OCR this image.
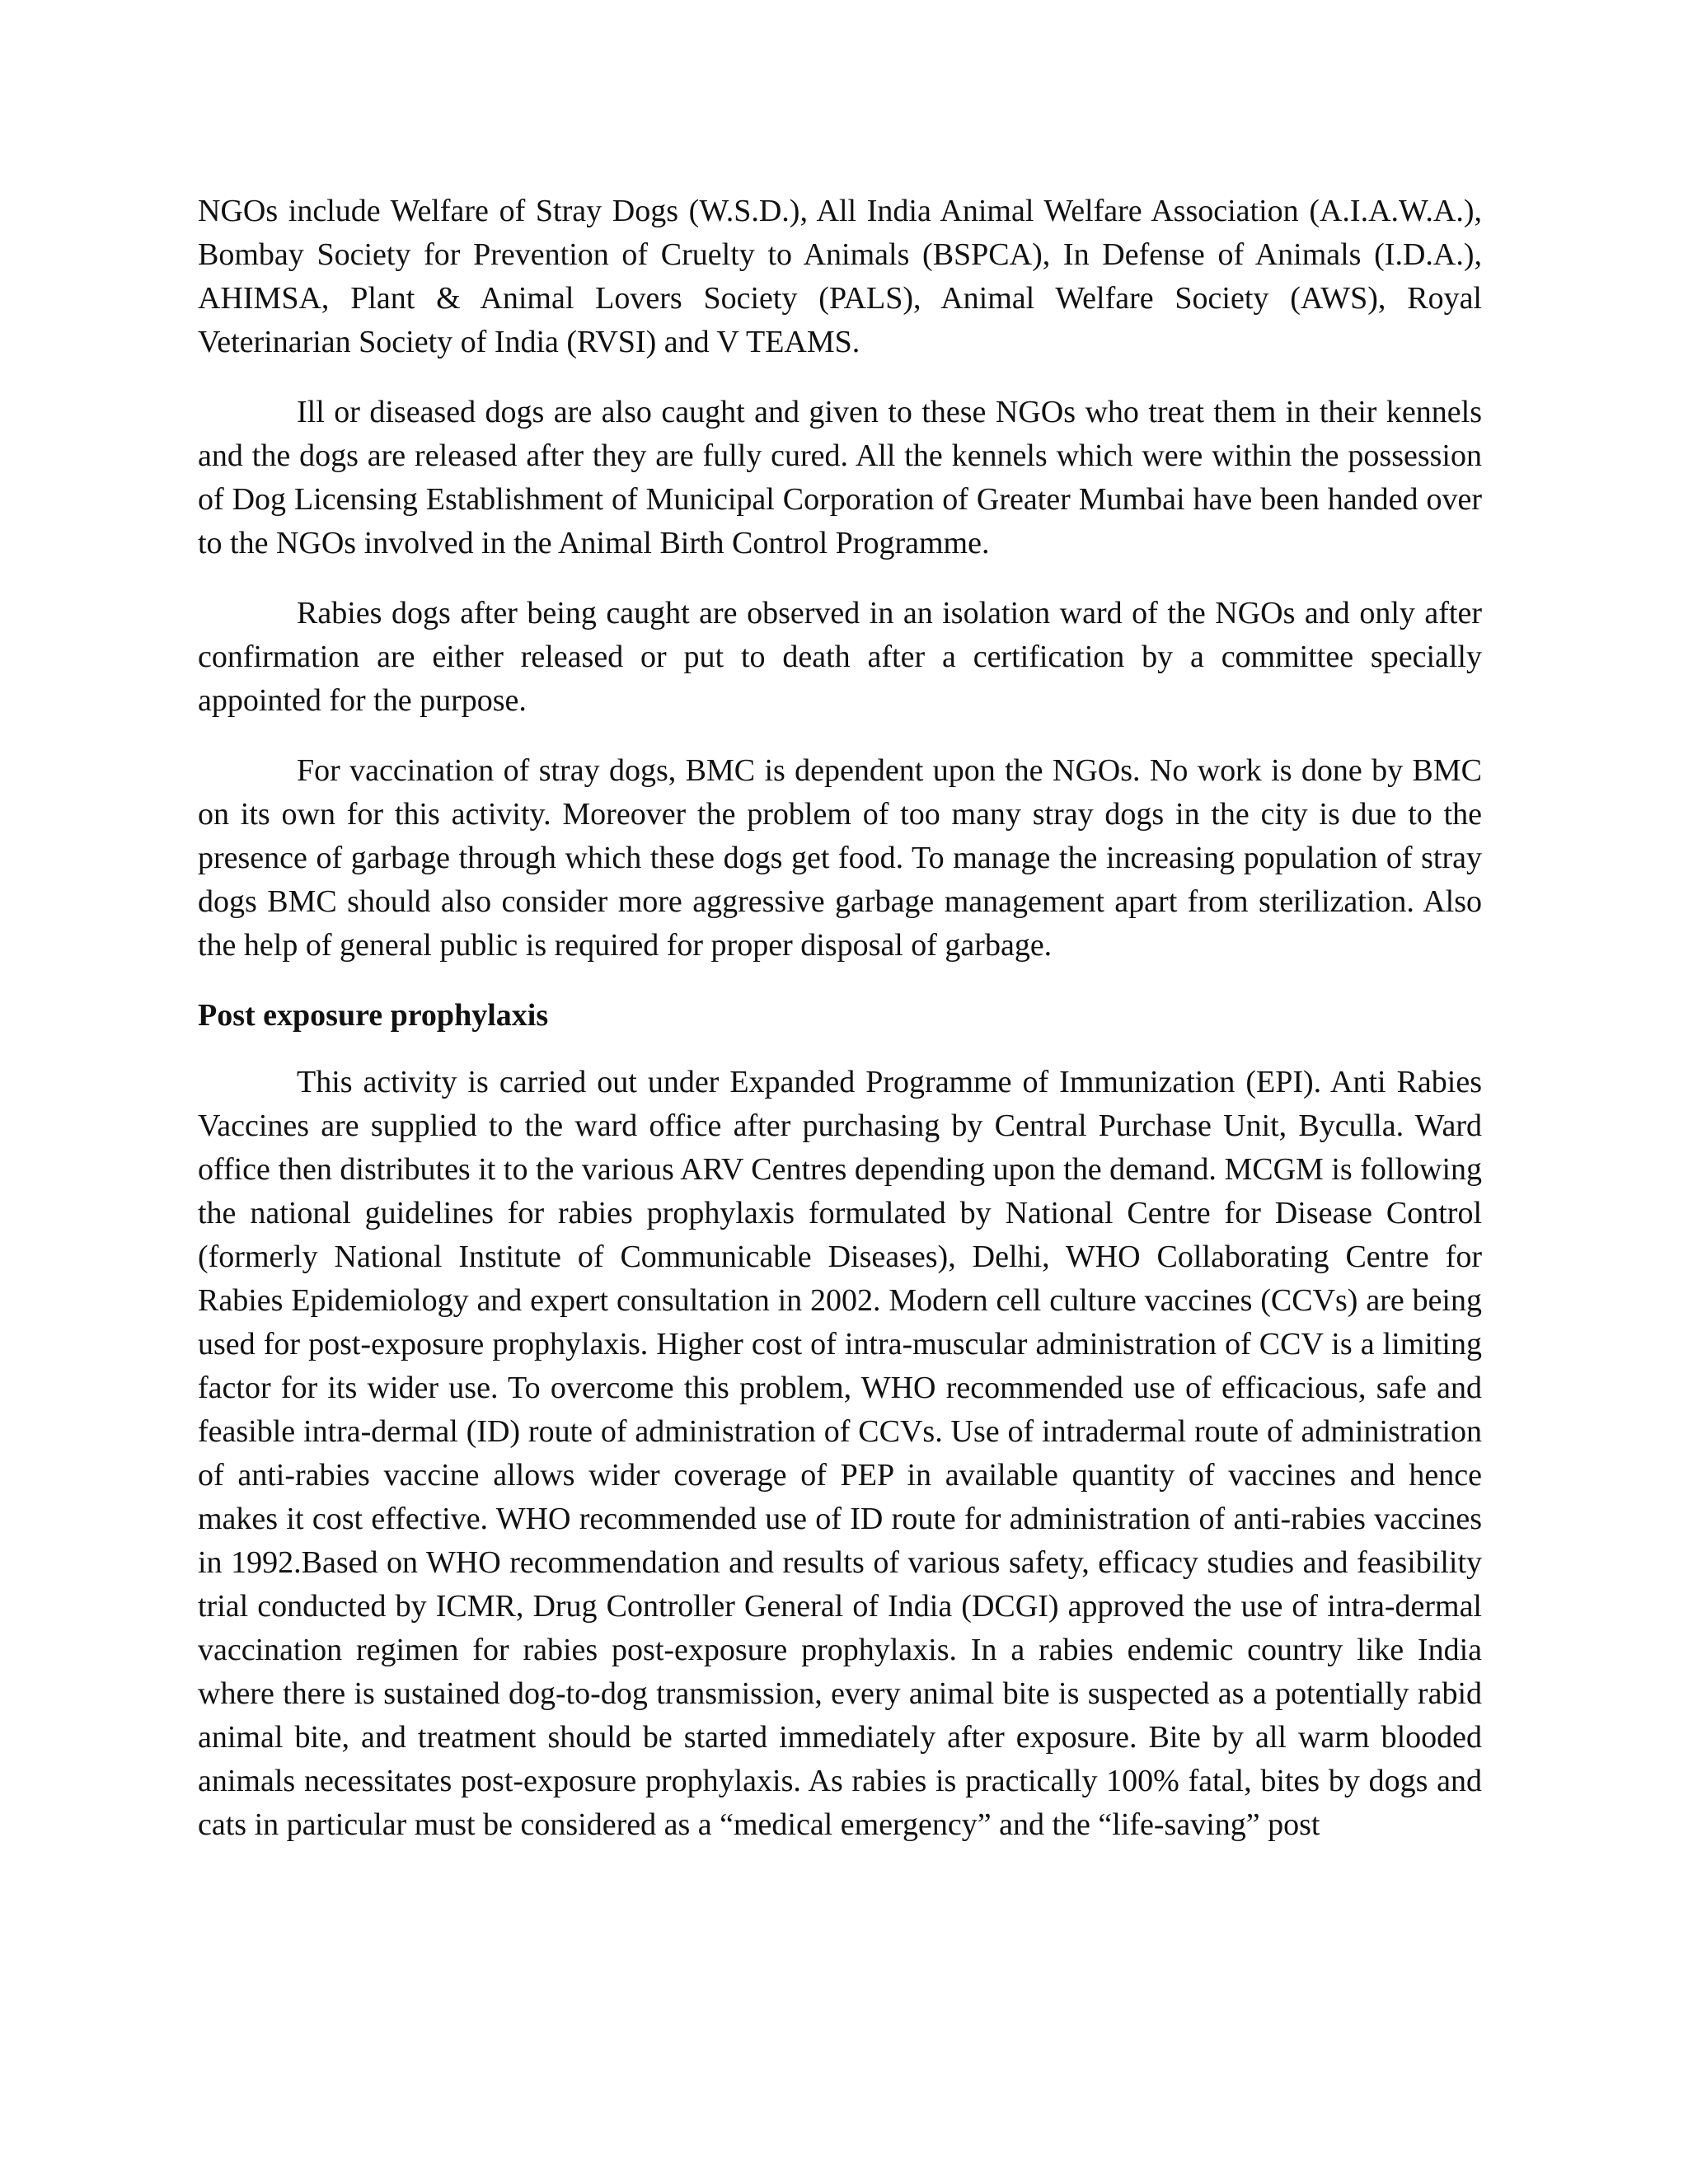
NGOs include Welfare of Stray Dogs (W.S.D.), All India Animal Welfare Association (A.I.A.W.A.), Bombay Society for Prevention of Cruelty to Animals (BSPCA), In Defense of Animals (I.D.A.), AHIMSA, Plant & Animal Lovers Society (PALS), Animal Welfare Society (AWS), Royal Veterinarian Society of India (RVSI) and V TEAMS.

Ill or diseased dogs are also caught and given to these NGOs who treat them in their kennels and the dogs are released after they are fully cured. All the kennels which were within the possession of Dog Licensing Establishment of Municipal Corporation of Greater Mumbai have been handed over to the NGOs involved in the Animal Birth Control Programme.

Rabies dogs after being caught are observed in an isolation ward of the NGOs and only after confirmation are either released or put to death after a certification by a committee specially appointed for the purpose.

For vaccination of stray dogs, BMC is dependent upon the NGOs. No work is done by BMC on its own for this activity. Moreover the problem of too many stray dogs in the city is due to the presence of garbage through which these dogs get food. To manage the increasing population of stray dogs BMC should also consider more aggressive garbage management apart from sterilization. Also the help of general public is required for proper disposal of garbage.

Post exposure prophylaxis

This activity is carried out under Expanded Programme of Immunization (EPI). Anti Rabies Vaccines are supplied to the ward office after purchasing by Central Purchase Unit, Byculla. Ward office then distributes it to the various ARV Centres depending upon the demand. MCGM is following the national guidelines for rabies prophylaxis formulated by National Centre for Disease Control (formerly National Institute of Communicable Diseases), Delhi, WHO Collaborating Centre for Rabies Epidemiology and expert consultation in 2002. Modern cell culture vaccines (CCVs) are being used for post-exposure prophylaxis. Higher cost of intra-muscular administration of CCV is a limiting factor for its wider use. To overcome this problem, WHO recommended use of efficacious, safe and feasible intra-dermal (ID) route of administration of CCVs. Use of intradermal route of administration of anti-rabies vaccine allows wider coverage of PEP in available quantity of vaccines and hence makes it cost effective. WHO recommended use of ID route for administration of anti-rabies vaccines in 1992.Based on WHO recommendation and results of various safety, efficacy studies and feasibility trial conducted by ICMR, Drug Controller General of India (DCGI) approved the use of intra-dermal vaccination regimen for rabies post-exposure prophylaxis. In a rabies endemic country like India where there is sustained dog-to-dog transmission, every animal bite is suspected as a potentially rabid animal bite, and treatment should be started immediately after exposure. Bite by all warm blooded animals necessitates post-exposure prophylaxis. As rabies is practically 100% fatal, bites by dogs and cats in particular must be considered as a “medical emergency” and the “life-saving” post
